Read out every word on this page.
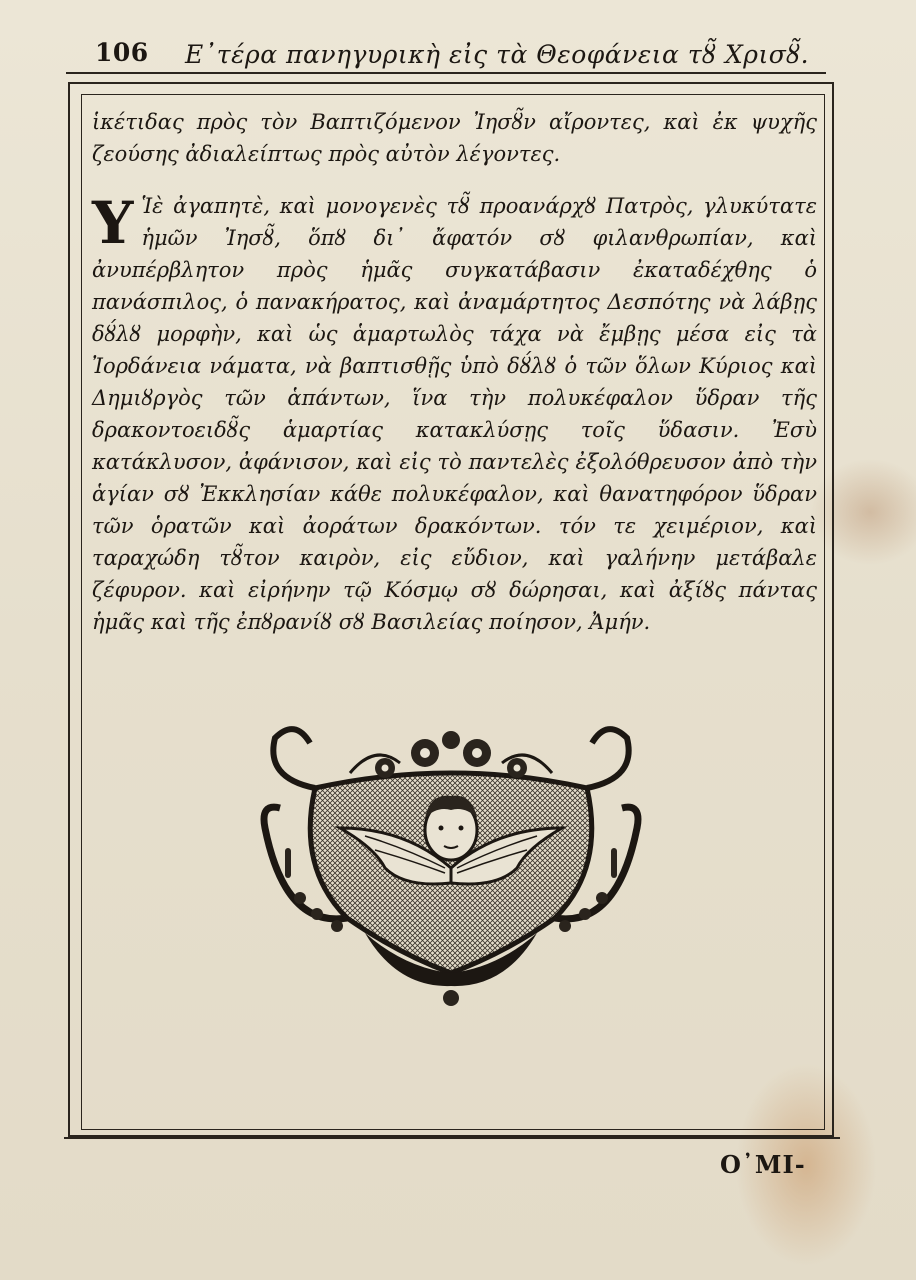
106 Ε᾽τέρα πανηγυρικὴ εἰς τὰ Θεοφάνεια τȣ̃ Χρισȣ̃.

ἱκέτιδας πρὸς τὸν Βαπτιζόμενον Ἰησȣ̃ν αἴροντες, καὶ ἐκ ψυχῆς ζεούσης ἀδιαλείπτως πρὸς αὐτὸν λέγοντες.

Υ Ἱὲ ἀγαπητὲ, καὶ μονογενὲς τȣ̃ προανάρχȣ Πατρὸς, γλυκύτατε ἡμῶν Ἰησȣ̃, ὅπȣ δι᾽ ἄφατόν σȣ φιλανθρωπίαν, καὶ ἀνυπέρβλητον πρὸς ἡμᾶς συγκατάβασιν ἐκαταδέχθης ὁ πανάσπιλος, ὁ πανακήρατος, καὶ ἀναμάρτητος Δεσπότης νὰ λάβῃς δȣ́λȣ μορφὴν, καὶ ὡς ἁμαρτωλὸς τάχα νὰ ἔμβῃς μέσα εἰς τὰ Ἰορδάνεια νάματα, νὰ βαπτισθῇς ὑπὸ δȣ́λȣ ὁ τῶν ὅλων Κύριος καὶ Δημιȣργὸς τῶν ἁπάντων, ἵνα τὴν πολυκέφαλον ὕδραν τῆς δρακοντοειδȣ̃ς ἁμαρτίας κατακλύσῃς τοῖς ὕδασιν. Ἐσὺ κατάκλυσον, ἀφάνισον, καὶ εἰς τὸ παντελὲς ἐξολόθρευσον ἀπὸ τὴν ἁγίαν σȣ Ἐκκλησίαν κάθε πολυκέφαλον, καὶ θανατηφόρον ὕδραν τῶν ὁρατῶν καὶ ἀοράτων δρακόντων. τόν τε χειμέριον, καὶ ταραχώδη τȣ̃τον καιρὸν, εἰς εὔδιον, καὶ γαλήνην μετάβαλε ζέφυρον. καὶ εἰρήνην τῷ Κόσμῳ σȣ δώρησαι, καὶ ἀξίȣς πάντας ἡμᾶς καὶ τῆς ἐπȣρανίȣ σȣ Βασιλείας ποίησον, Ἀμήν.

Ο᾽ΜΙ-
